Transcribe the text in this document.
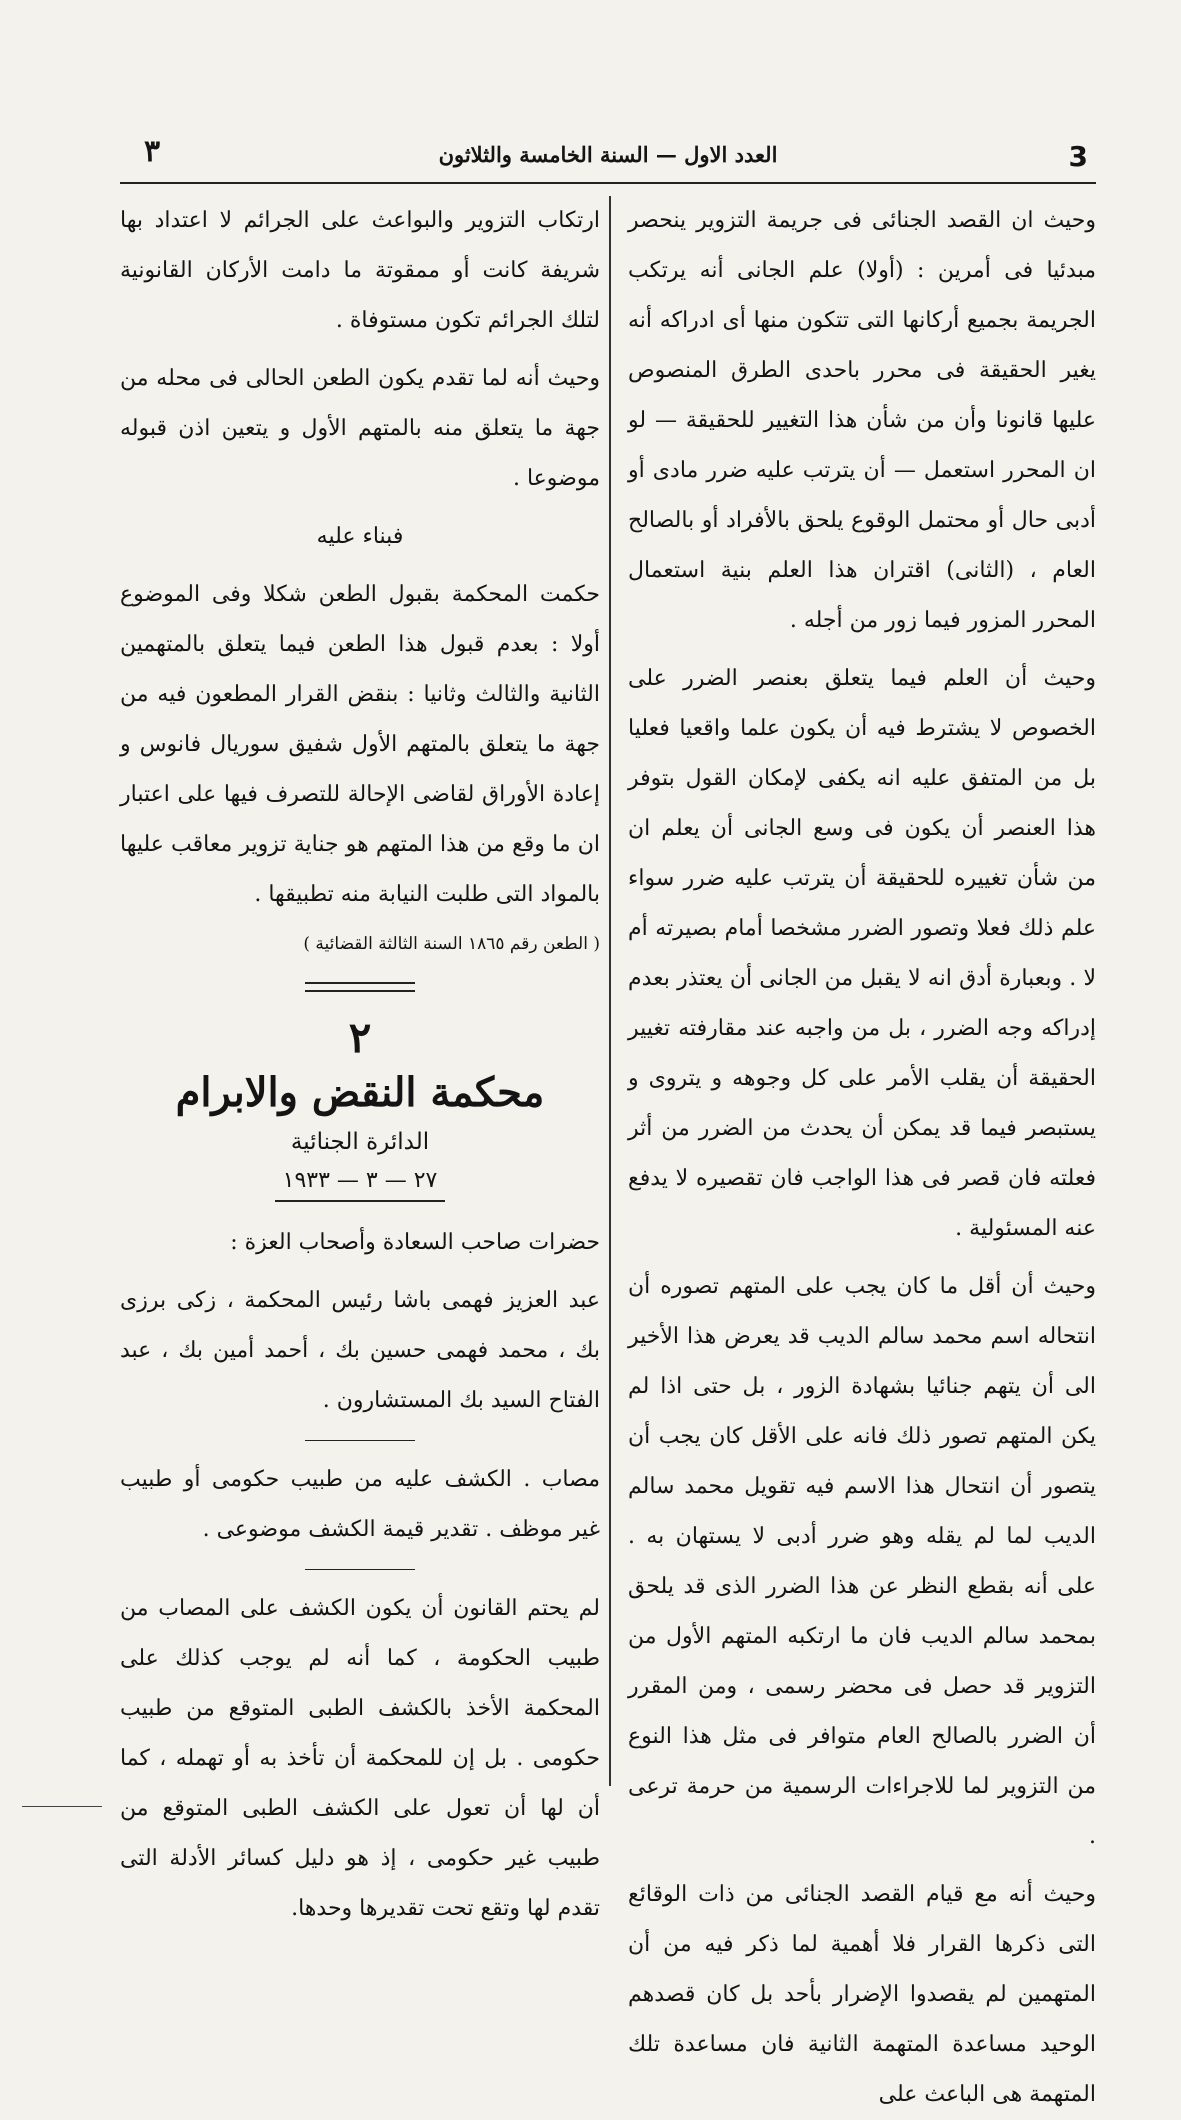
٣	العدد الاول — السنة الخامسة والثلاثون	3

وحيث ان القصد الجنائى فى جريمة التزوير ينحصر مبدئيا فى أمرين : (أولا) علم الجانى أنه يرتكب الجريمة بجميع أركانها التى تتكون منها أى ادراكه أنه يغير الحقيقة فى محرر باحدى الطرق المنصوص عليها قانونا وأن من شأن هذا التغيير للحقيقة — لو ان المحرر استعمل — أن يترتب عليه ضرر مادى أو أدبى حال أو محتمل الوقوع يلحق بالأفراد أو بالصالح العام ، (الثانى) اقتران هذا العلم بنية استعمال المحرر المزور فيما زور من أجله .

وحيث أن العلم فيما يتعلق بعنصر الضرر على الخصوص لا يشترط فيه أن يكون علما واقعيا فعليا بل من المتفق عليه انه يكفى لإمكان القول بتوفر هذا العنصر أن يكون فى وسع الجانى أن يعلم ان من شأن تغييره للحقيقة أن يترتب عليه ضرر سواء علم ذلك فعلا وتصور الضرر مشخصا أمام بصيرته أم لا . وبعبارة أدق انه لا يقبل من الجانى أن يعتذر بعدم إدراكه وجه الضرر ، بل من واجبه عند مقارفته تغيير الحقيقة أن يقلب الأمر على كل وجوهه و يتروى و يستبصر فيما قد يمكن أن يحدث من الضرر من أثر فعلته فان قصر فى هذا الواجب فان تقصيره لا يدفع عنه المسئولية .

وحيث أن أقل ما كان يجب على المتهم تصوره أن انتحاله اسم محمد سالم الديب قد يعرض هذا الأخير الى أن يتهم جنائيا بشهادة الزور ، بل حتى اذا لم يكن المتهم تصور ذلك فانه على الأقل كان يجب أن يتصور أن انتحال هذا الاسم فيه تقويل محمد سالم الديب لما لم يقله وهو ضرر أدبى لا يستهان به . على أنه بقطع النظر عن هذا الضرر الذى قد يلحق بمحمد سالم الديب فان ما ارتكبه المتهم الأول من التزوير قد حصل فى محضر رسمى ، ومن المقرر أن الضرر بالصالح العام متوافر فى مثل هذا النوع من التزوير لما للاجراءات الرسمية من حرمة ترعى .

وحيث أنه مع قيام القصد الجنائى من ذات الوقائع التى ذكرها القرار فلا أهمية لما ذكر فيه من أن المتهمين لم يقصدوا الإضرار بأحد بل كان قصدهم الوحيد مساعدة المتهمة الثانية فان مساعدة تلك المتهمة هى الباعث على

ارتكاب التزوير والبواعث على الجرائم لا اعتداد بها شريفة كانت أو ممقوتة ما دامت الأركان القانونية لتلك الجرائم تكون مستوفاة .

وحيث أنه لما تقدم يكون الطعن الحالى فى محله من جهة ما يتعلق منه بالمتهم الأول و يتعين اذن قبوله موضوعا .

فبناء عليه

حكمت المحكمة بقبول الطعن شكلا وفى الموضوع أولا : بعدم قبول هذا الطعن فيما يتعلق بالمتهمين الثانية والثالث وثانيا : بنقض القرار المطعون فيه من جهة ما يتعلق بالمتهم الأول شفيق سوريال فانوس و إعادة الأوراق لقاضى الإحالة للتصرف فيها على اعتبار ان ما وقع من هذا المتهم هو جناية تزوير معاقب عليها بالمواد التى طلبت النيابة منه تطبيقها .

( الطعن رقم ١٨٦٥ السنة الثالثة القضائية )
٢
محكمة النقض والابرام
الدائرة الجنائية
٢٧ — ٣ — ١٩٣٣

حضرات صاحب السعادة وأصحاب العزة :

عبد العزيز فهمى باشا رئيس المحكمة ، زكى برزى بك ، محمد فهمى حسين بك ، أحمد أمين بك ، عبد الفتاح السيد بك المستشارون .

مصاب . الكشف عليه من طبيب حكومى أو طبيب غير موظف . تقدير قيمة الكشف موضوعى .

لم يحتم القانون أن يكون الكشف على المصاب من طبيب الحكومة ، كما أنه لم يوجب كذلك على المحكمة الأخذ بالكشف الطبى المتوقع من طبيب حكومى . بل إن للمحكمة أن تأخذ به أو تهمله ، كما أن لها أن تعول على الكشف الطبى المتوقع من طبيب غير حكومى ، إذ هو دليل كسائر الأدلة التى تقدم لها وتقع تحت تقديرها وحدها.
